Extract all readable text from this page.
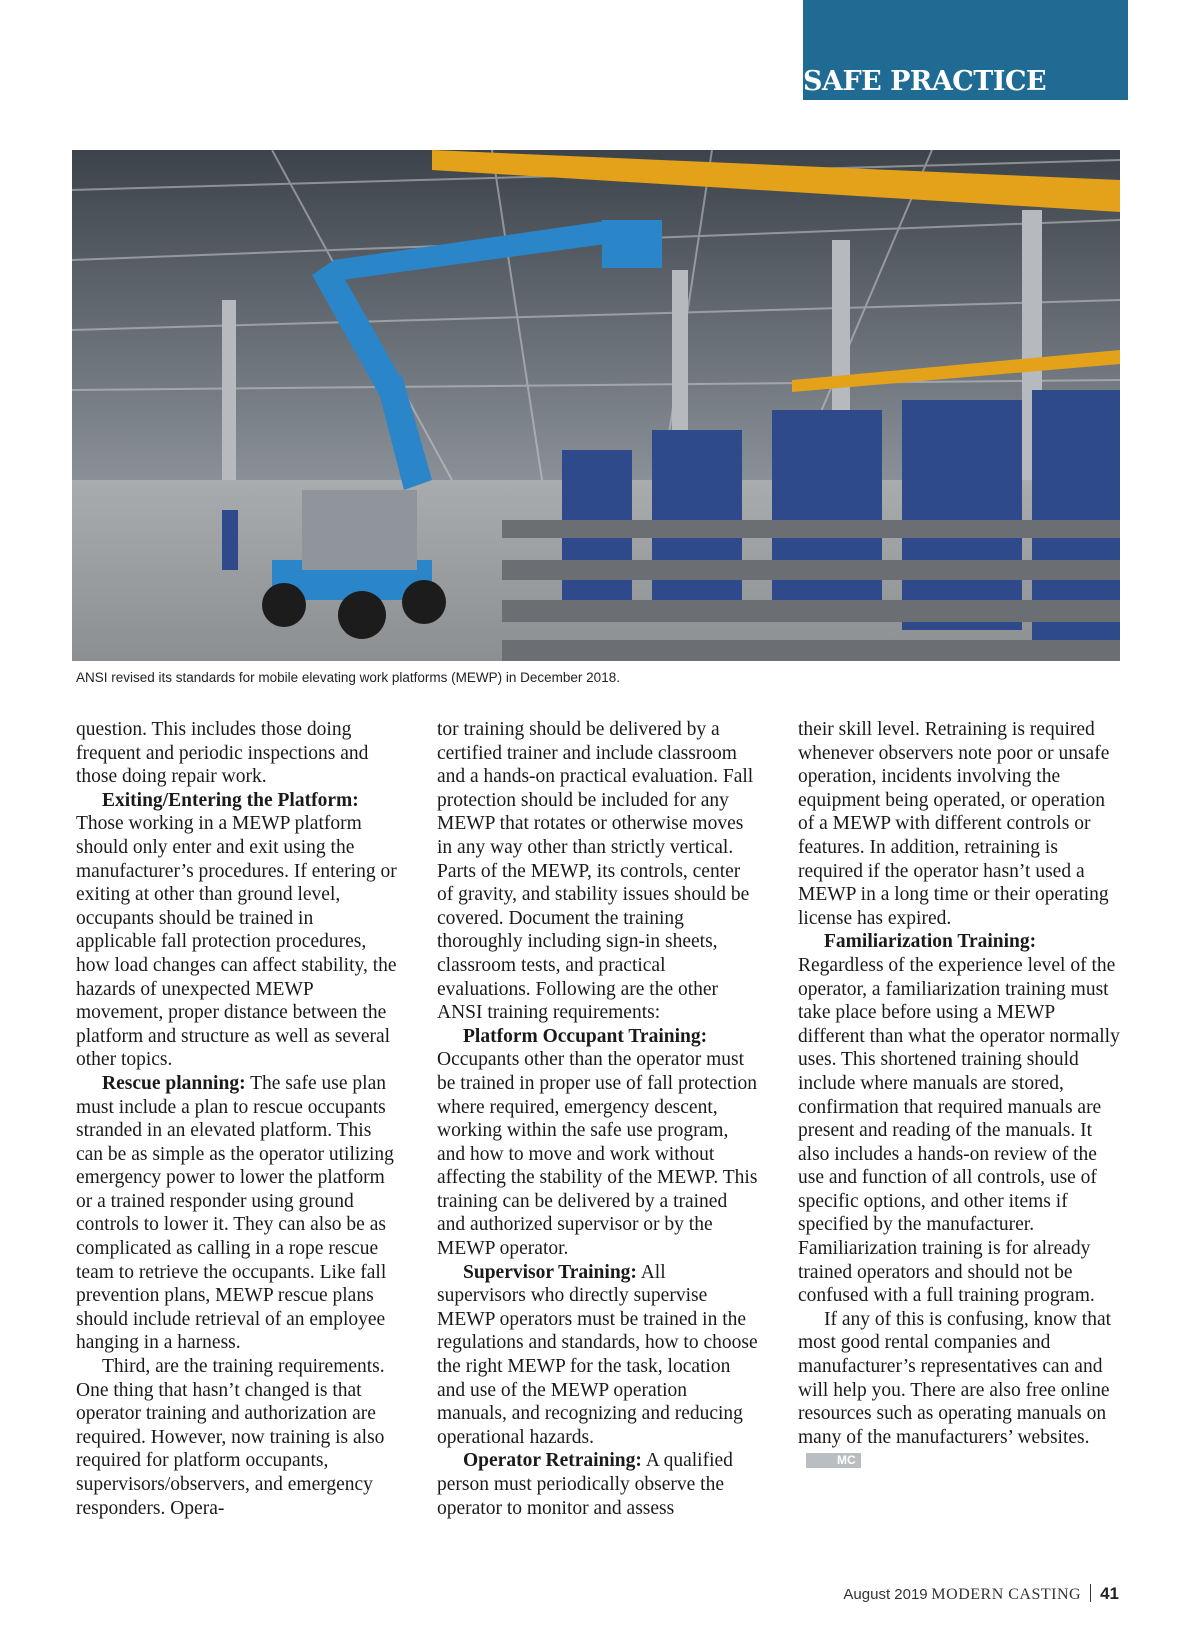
SAFE PRACTICE
ANSI revised its standards for mobile elevating work platforms (MEWP) in December 2018.

question. This includes those doing frequent and periodic inspections and those doing repair work.

Exiting/Entering the Platform: Those working in a MEWP platform should only enter and exit using the manufacturer’s procedures. If entering or exiting at other than ground level, occupants should be trained in applicable fall protection procedures, how load changes can affect stability, the hazards of unexpected MEWP movement, proper distance between the platform and structure as well as several other topics.

Rescue planning: The safe use plan must include a plan to rescue occupants stranded in an elevated platform. This can be as simple as the operator utilizing emergency power to lower the platform or a trained responder using ground controls to lower it. They can also be as complicated as calling in a rope rescue team to retrieve the occupants. Like fall prevention plans, MEWP rescue plans should include retrieval of an employee hanging in a harness.

Third, are the training requirements. One thing that hasn’t changed is that operator training and authorization are required. However, now training is also required for platform occupants, supervisors/observers, and emergency responders. Opera-

tor training should be delivered by a certified trainer and include classroom and a hands-on practical evaluation. Fall protection should be included for any MEWP that rotates or otherwise moves in any way other than strictly vertical. Parts of the MEWP, its controls, center of gravity, and stability issues should be covered. Document the training thoroughly including sign-in sheets, classroom tests, and practical evaluations. Following are the other ANSI training requirements:

Platform Occupant Training: Occupants other than the operator must be trained in proper use of fall protection where required, emergency descent, working within the safe use program, and how to move and work without affecting the stability of the MEWP. This training can be delivered by a trained and authorized supervisor or by the MEWP operator.

Supervisor Training: All supervisors who directly supervise MEWP operators must be trained in the regulations and standards, how to choose the right MEWP for the task, location and use of the MEWP operation manuals, and recognizing and reducing operational hazards.

Operator Retraining: A qualified person must periodically observe the operator to monitor and assess

their skill level. Retraining is required whenever observers note poor or unsafe operation, incidents involving the equipment being operated, or operation of a MEWP with different controls or features. In addition, retraining is required if the operator hasn’t used a MEWP in a long time or their operating license has expired.

Familiarization Training: Regardless of the experience level of the operator, a familiarization training must take place before using a MEWP different than what the operator normally uses. This shortened training should include where manuals are stored, confirmation that required manuals are present and reading of the manuals. It also includes a hands-on review of the use and function of all controls, use of specific options, and other items if specified by the manufacturer. Familiarization training is for already trained operators and should not be confused with a full training program.

If any of this is confusing, know that most good rental companies and manufacturer’s representatives can and will help you. There are also free online resources such as operating manuals on many of the manufacturers’ websites.MC

August 2019 MODERN CASTING 41
